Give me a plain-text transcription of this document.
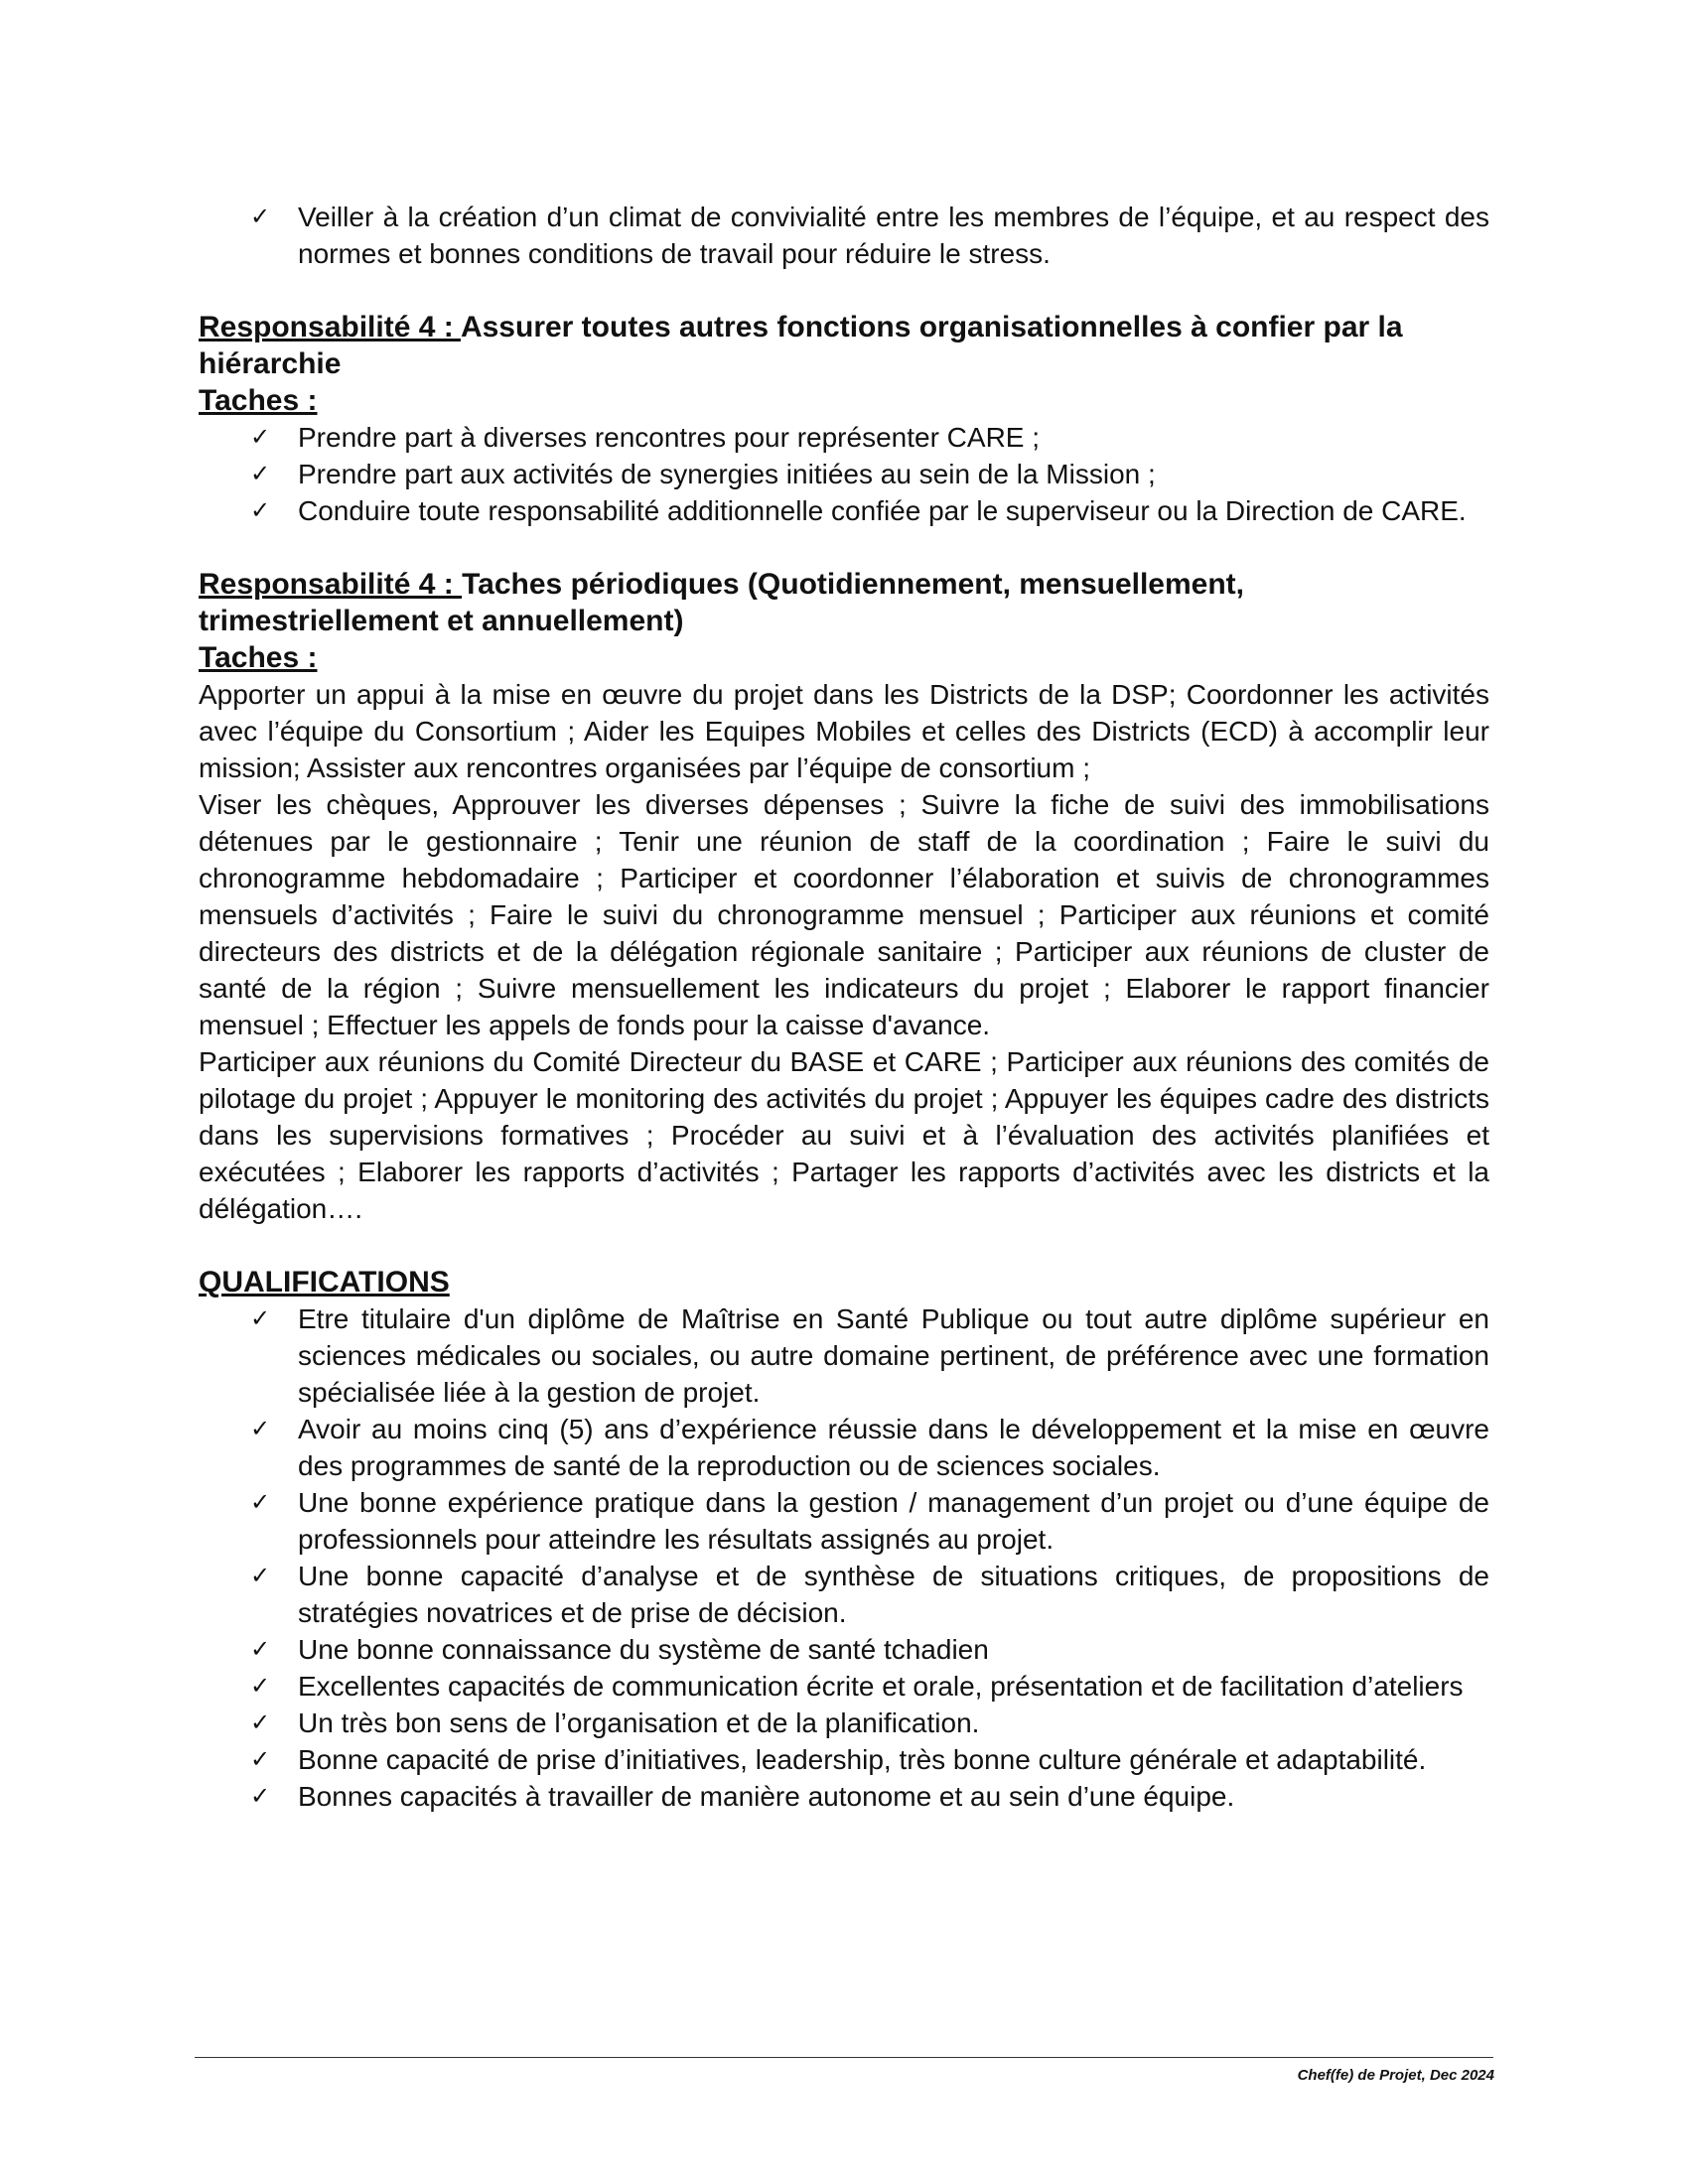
✓ Veiller à la création d’un climat de convivialité entre les membres de l’équipe, et au respect des normes et bonnes conditions de travail pour réduire le stress.

Responsabilité 4 : Assurer toutes autres fonctions organisationnelles à confier par la hiérarchie

Taches :
✓ Prendre part à diverses rencontres pour représenter CARE ;
✓ Prendre part aux activités de synergies initiées au sein de la Mission ;
✓ Conduire toute responsabilité additionnelle confiée par le superviseur ou la Direction de CARE.

Responsabilité 4 : Taches périodiques (Quotidiennement, mensuellement, trimestriellement et annuellement)

Taches :

Apporter un appui à la mise en œuvre du projet dans les Districts de la DSP; Coordonner les activités avec l’équipe du Consortium ; Aider les Equipes Mobiles et celles des Districts (ECD) à accomplir leur mission; Assister aux rencontres organisées par l’équipe de consortium ;

Viser les chèques, Approuver les diverses dépenses ; Suivre la fiche de suivi des immobilisations détenues par le gestionnaire ; Tenir une réunion de staff de la coordination ; Faire le suivi du chronogramme hebdomadaire ; Participer et coordonner l’élaboration et suivis de chronogrammes mensuels d’activités ; Faire le suivi du chronogramme mensuel ; Participer aux réunions et comité directeurs des districts et de la délégation régionale sanitaire ; Participer aux réunions de cluster de santé de la région ; Suivre mensuellement les indicateurs du projet ; Elaborer le rapport financier mensuel ; Effectuer les appels de fonds pour la caisse d'avance.

Participer aux réunions du Comité Directeur du BASE et CARE ; Participer aux réunions des comités de pilotage du projet ; Appuyer le monitoring des activités du projet ; Appuyer les équipes cadre des districts dans les supervisions formatives ; Procéder au suivi et à l’évaluation des activités planifiées et exécutées ; Elaborer les rapports d’activités ; Partager les rapports d’activités avec les districts et la délégation….

QUALIFICATIONS
✓ Etre titulaire d'un diplôme de Maîtrise en Santé Publique ou tout autre diplôme supérieur en sciences médicales ou sociales, ou autre domaine pertinent, de préférence avec une formation spécialisée liée à la gestion de projet.
✓ Avoir au moins cinq (5) ans d’expérience réussie dans le développement et la mise en œuvre des programmes de santé de la reproduction ou de sciences sociales.
✓ Une bonne expérience pratique dans la gestion / management d’un projet ou d’une équipe de professionnels pour atteindre les résultats assignés au projet.
✓ Une bonne capacité d’analyse et de synthèse de situations critiques, de propositions de stratégies novatrices et de prise de décision.
✓ Une bonne connaissance du système de santé tchadien
✓ Excellentes capacités de communication écrite et orale, présentation et de facilitation d’ateliers
✓ Un très bon sens de l’organisation et de la planification.
✓ Bonne capacité de prise d’initiatives, leadership, très bonne culture générale et adaptabilité.
✓ Bonnes capacités à travailler de manière autonome et au sein d’une équipe.
Chef(fe) de Projet, Dec 2024
